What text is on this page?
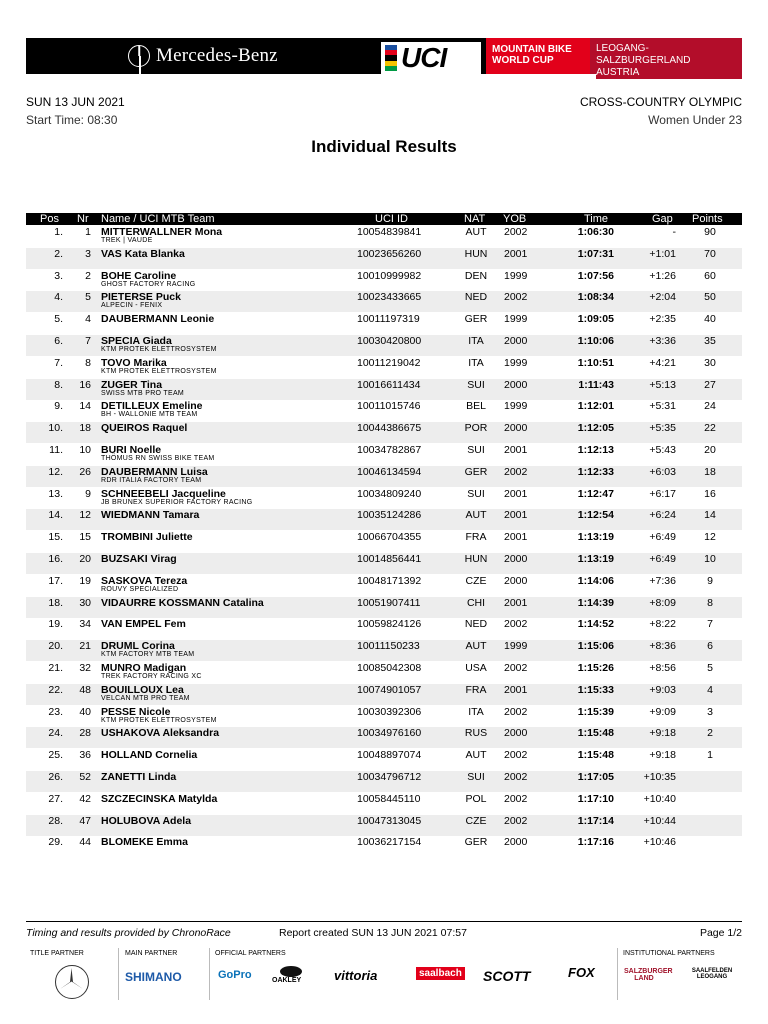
Mercedes-Benz	UCI	MOUNTAIN BIKE
WORLD CUP
LEOGANG-SALZBURGERLAND
AUSTRIA
SUN 13 JUN 2021
Start Time: 08:30
CROSS-COUNTRY OLYMPIC
Women Under 23
Individual Results
Pos Nr Name / UCI MTB Team	UCI ID	NAT YOB	Time	Gap Points
1.	1 MITTERWALLNER Mona
TREK | VAUDE
10054839841	AUT	2002	1:06:30	-	90
2.	3 VAS Kata Blanka	10023656260	HUN	2001	1:07:31	+1:01	70
3.	2 BOHE Caroline
GHOST FACTORY RACING
10010999982	DEN	1999	1:07:56	+1:26	60
4.	5 PIETERSE Puck
ALPECIN - FENIX
10023433665	NED	2002	1:08:34	+2:04	50
5.	4 DAUBERMANN Leonie	10011197319	GER	1999	1:09:05	+2:35	40
6.	7 SPECIA Giada
KTM PROTEK ELETTROSYSTEM
10030420800	ITA	2000	1:10:06	+3:36	35
7.	8 TOVO Marika
KTM PROTEK ELETTROSYSTEM
10011219042	ITA	1999	1:10:51	+4:21	30
8.	16 ZUGER Tina
SWISS MTB PRO TEAM
10016611434	SUI	2000	1:11:43	+5:13	27
9.	14 DETILLEUX Emeline
BH - WALLONIE MTB TEAM
10011015746	BEL	1999	1:12:01	+5:31	24
10.	18 QUEIROS Raquel	10044386675	POR	2000	1:12:05	+5:35	22
11.	10 BURI Noelle
THÖMUS RN SWISS BIKE TEAM
10034782867	SUI	2001	1:12:13	+5:43	20
12.	26 DAUBERMANN Luisa
RDR ITALIA FACTORY TEAM
10046134594	GER	2002	1:12:33	+6:03	18
13.	9 SCHNEEBELI Jacqueline
JB BRUNEX SUPERIOR FACTORY RACING
10034809240	SUI	2001	1:12:47	+6:17	16
14.	12 WIEDMANN Tamara	10035124286	AUT	2001	1:12:54	+6:24	14
15.	15 TROMBINI Juliette	10066704355	FRA	2001	1:13:19	+6:49	12
16.	20 BUZSAKI Virag	10014856441	HUN	2000	1:13:19	+6:49	10
17.	19 SASKOVA Tereza
ROUVY SPECIALIZED
10048171392	CZE	2000	1:14:06	+7:36	9
18.	30 VIDAURRE KOSSMANN Catalina	10051907411	CHI	2001	1:14:39	+8:09	8
19.	34 VAN EMPEL Fem	10059824126	NED	2002	1:14:52	+8:22	7
20.	21 DRUML Corina
KTM FACTORY MTB TEAM
10011150233	AUT	1999	1:15:06	+8:36	6
21.	32 MUNRO Madigan
TREK FACTORY RACING XC
10085042308	USA	2002	1:15:26	+8:56	5
22.	48 BOUILLOUX Lea
VELCAN MTB PRO TEAM
10074901057	FRA	2001	1:15:33	+9:03	4
23.	40 PESSE Nicole
KTM PROTEK ELETTROSYSTEM
10030392306	ITA	2002	1:15:39	+9:09	3
24.	28 USHAKOVA Aleksandra	10034976160	RUS	2000	1:15:48	+9:18	2
25.	36 HOLLAND Cornelia	10048897074	AUT	2002	1:15:48	+9:18	1
26.	52 ZANETTI Linda	10034796712	SUI	2002	1:17:05	+10:35
27.	42 SZCZECINSKA Matylda	10058445110	POL	2002	1:17:10	+10:40
28.	47 HOLUBOVA Adela	10047313045	CZE	2002	1:17:14	+10:44
29.	44 BLOMEKE Emma	10036217154	GER	2000	1:17:16	+10:46
Timing and results provided by ChronoRace	Report created SUN 13 JUN 2021 07:57	Page 1/2
TITLE PARTNER	MAIN PARTNER	OFFICIAL PARTNERS	INSTITUTIONAL PARTNERS
SHIMANO	GoPro	OAKLEY	vittoria	saalbach SCOTT	FOX	SALZBURGER LAND
SAALFELDEN LEOGANG
